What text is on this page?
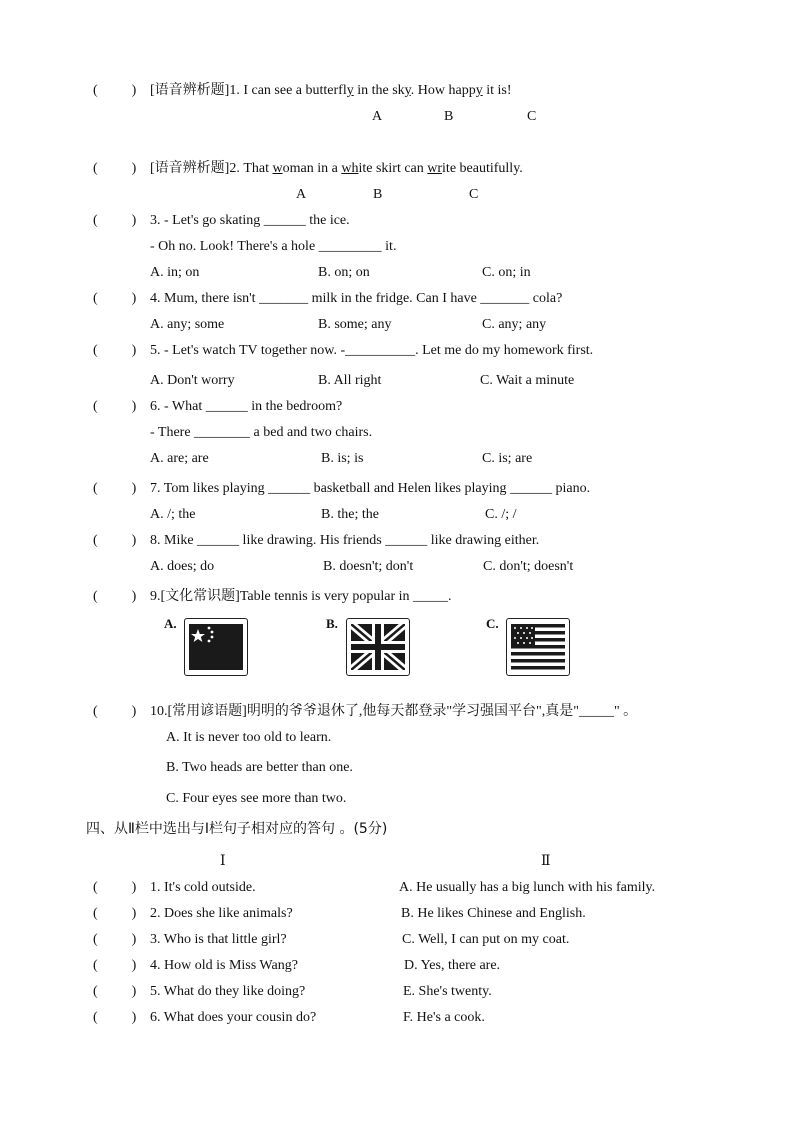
( ) [语音辨析题]1. I can see a butterfly in the sky. How happy it is!
A	B	C
( ) [语音辨析题]2. That woman in a white skirt can write beautifully.
A	B	C
( ) 3. - Let's go skating ______ the ice.
- Oh no. Look! There's a hole _________ it.
A. in; on	B. on; on	C. on; in
( ) 4. Mum, there isn't _______ milk in the fridge. Can I have _______ cola?
A. any; some	B. some; any	C. any; any
( ) 5. - Let's watch TV together now. -__________. Let me do my homework first.
A. Don't worry	B. All right	C. Wait a minute
( ) 6. - What ______ in the bedroom?
- There ________ a bed and two chairs.
A. are; are	B. is; is	C. is; are
( ) 7. Tom likes playing ______ basketball and Helen likes playing ______ piano.
A. /; the	B. the; the	C. /; /
( ) 8. Mike ______ like drawing. His friends ______ like drawing either.
A. does; do	B. doesn't; don't	C. don't; doesn't
( ) 9.[文化常识题]Table tennis is very popular in _____.
A.	B.	C.
( ) 10.[常用谚语题]明明的爷爷退休了,他每天都登录"学习强国平台",真是"_____" 。
A. It is never too old to learn.
B. Two heads are better than one.
C. Four eyes see more than two.
四、从Ⅱ栏中选出与Ⅰ栏句子相对应的答句 。(5分)
Ⅰ	Ⅱ
( ) 1. It's cold outside.	A. He usually has a big lunch with his family.
( ) 2. Does she like animals?	B. He likes Chinese and English.
( ) 3. Who is that little girl?	C. Well, I can put on my coat.
( ) 4. How old is Miss Wang?	D. Yes, there are.
( ) 5. What do they like doing?	E. She's twenty.
( ) 6. What does your cousin do?	F. He's a cook.
